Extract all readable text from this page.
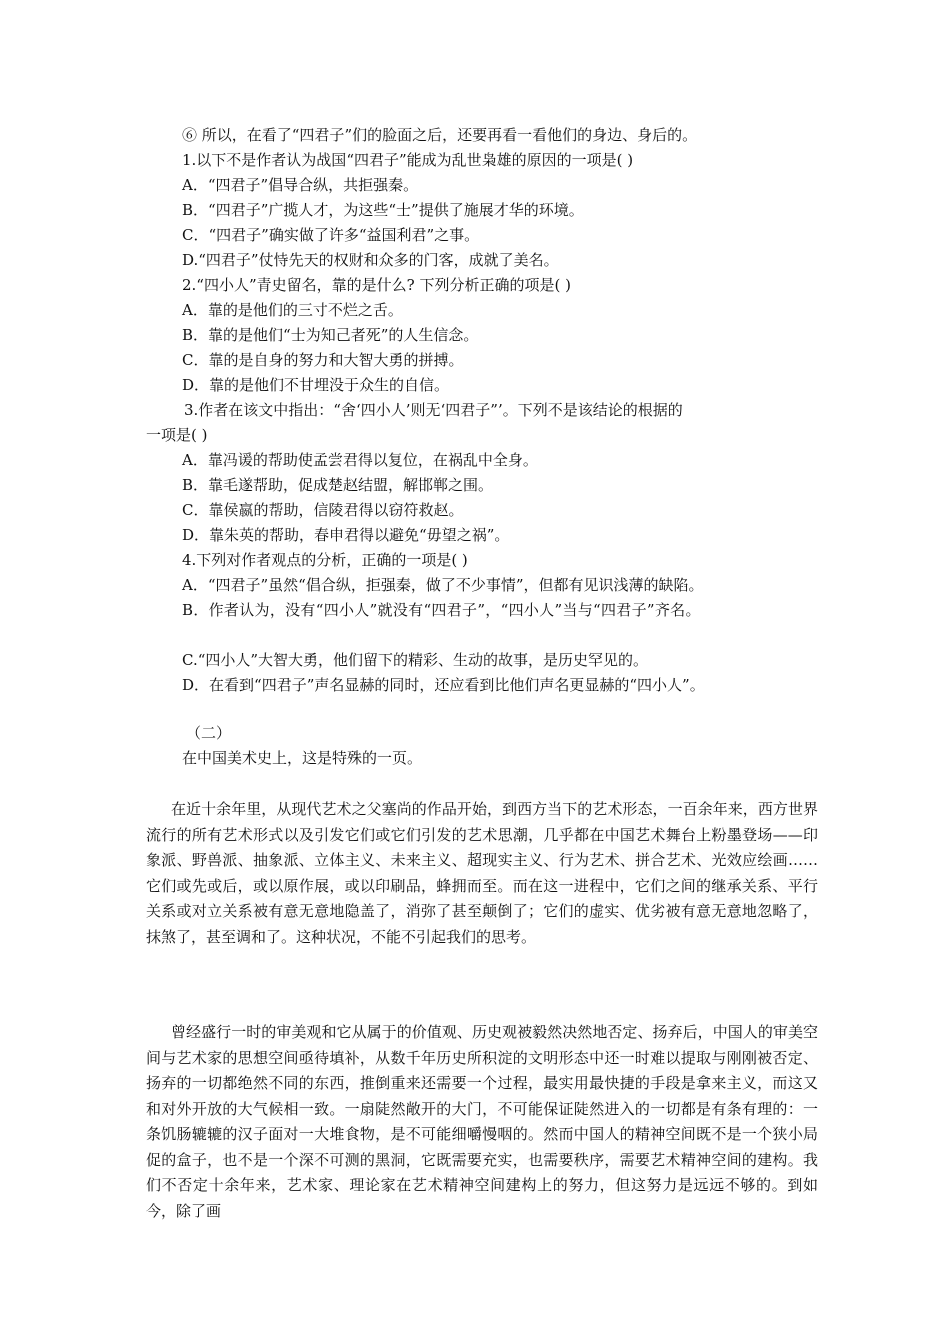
⑥ 所以，在看了“四君子”们的脸面之后，还要再看一看他们的身边、身后的。

1.以下不是作者认为战国“四君子”能成为乱世枭雄的原因的一项是( )

A．“四君子”倡导合纵，共拒强秦。

B．“四君子”广揽人才，为这些“士”提供了施展才华的环境。

C．“四君子”确实做了许多“益国利君”之事。

D.“四君子”仗恃先天的权财和众多的门客，成就了美名。

2.“四小人”青史留名，靠的是什么? 下列分析正确的项是( )

A．靠的是他们的三寸不烂之舌。

B．靠的是他们“士为知己者死”的人生信念。

C．靠的是自身的努力和大智大勇的拼搏。

D．靠的是他们不甘埋没于众生的自信。

3.作者在该文中指出：“舍‘四小人’则无‘四君子”’。下列不是该结论的根据的

一项是( )

A．靠冯谖的帮助使孟尝君得以复位，在祸乱中全身。

B．靠毛遂帮助，促成楚赵结盟，解邯郸之围。

C．靠侯嬴的帮助，信陵君得以窃符救赵。

D．靠朱英的帮助，春申君得以避免“毋望之祸”。

4.下列对作者观点的分析，正确的一项是( )

A．“四君子”虽然“倡合纵，拒强秦，做了不少事情”，但都有见识浅薄的缺陷。

B．作者认为，没有“四小人”就没有“四君子”，“四小人”当与“四君子”齐名。

C.“四小人”大智大勇，他们留下的精彩、生动的故事，是历史罕见的。

D．在看到“四君子”声名显赫的同时，还应看到比他们声名更显赫的“四小人”。

（二）

在中国美术史上，这是特殊的一页。

在近十余年里，从现代艺术之父塞尚的作品开始，到西方当下的艺术形态，一百余年来，西方世界流行的所有艺术形式以及引发它们或它们引发的艺术思潮，几乎都在中国艺术舞台上粉墨登场——印象派、野兽派、抽象派、立体主义、未来主义、超现实主义、行为艺术、拼合艺术、光效应绘画……它们或先或后，或以原作展，或以印刷品，蜂拥而至。而在这一进程中，它们之间的继承关系、平行关系或对立关系被有意无意地隐盖了，消弥了甚至颠倒了；它们的虚实、优劣被有意无意地忽略了，抹煞了，甚至调和了。这种状况，不能不引起我们的思考。

曾经盛行一时的审美观和它从属于的价值观、历史观被毅然决然地否定、扬弃后，中国人的审美空间与艺术家的思想空间亟待填补，从数千年历史所积淀的文明形态中还一时难以提取与刚刚被否定、扬弃的一切都绝然不同的东西，推倒重来还需要一个过程，最实用最快捷的手段是拿来主义，而这又和对外开放的大气候相一致。一扇陡然敞开的大门，不可能保证陡然进入的一切都是有条有理的：一条饥肠辘辘的汉子面对一大堆食物，是不可能细嚼慢咽的。然而中国人的精神空间既不是一个狭小局促的盒子，也不是一个深不可测的黑洞，它既需要充实，也需要秩序，需要艺术精神空间的建构。我们不否定十余年来，艺术家、理论家在艺术精神空间建构上的努力，但这努力是远远不够的。到如今，除了画
